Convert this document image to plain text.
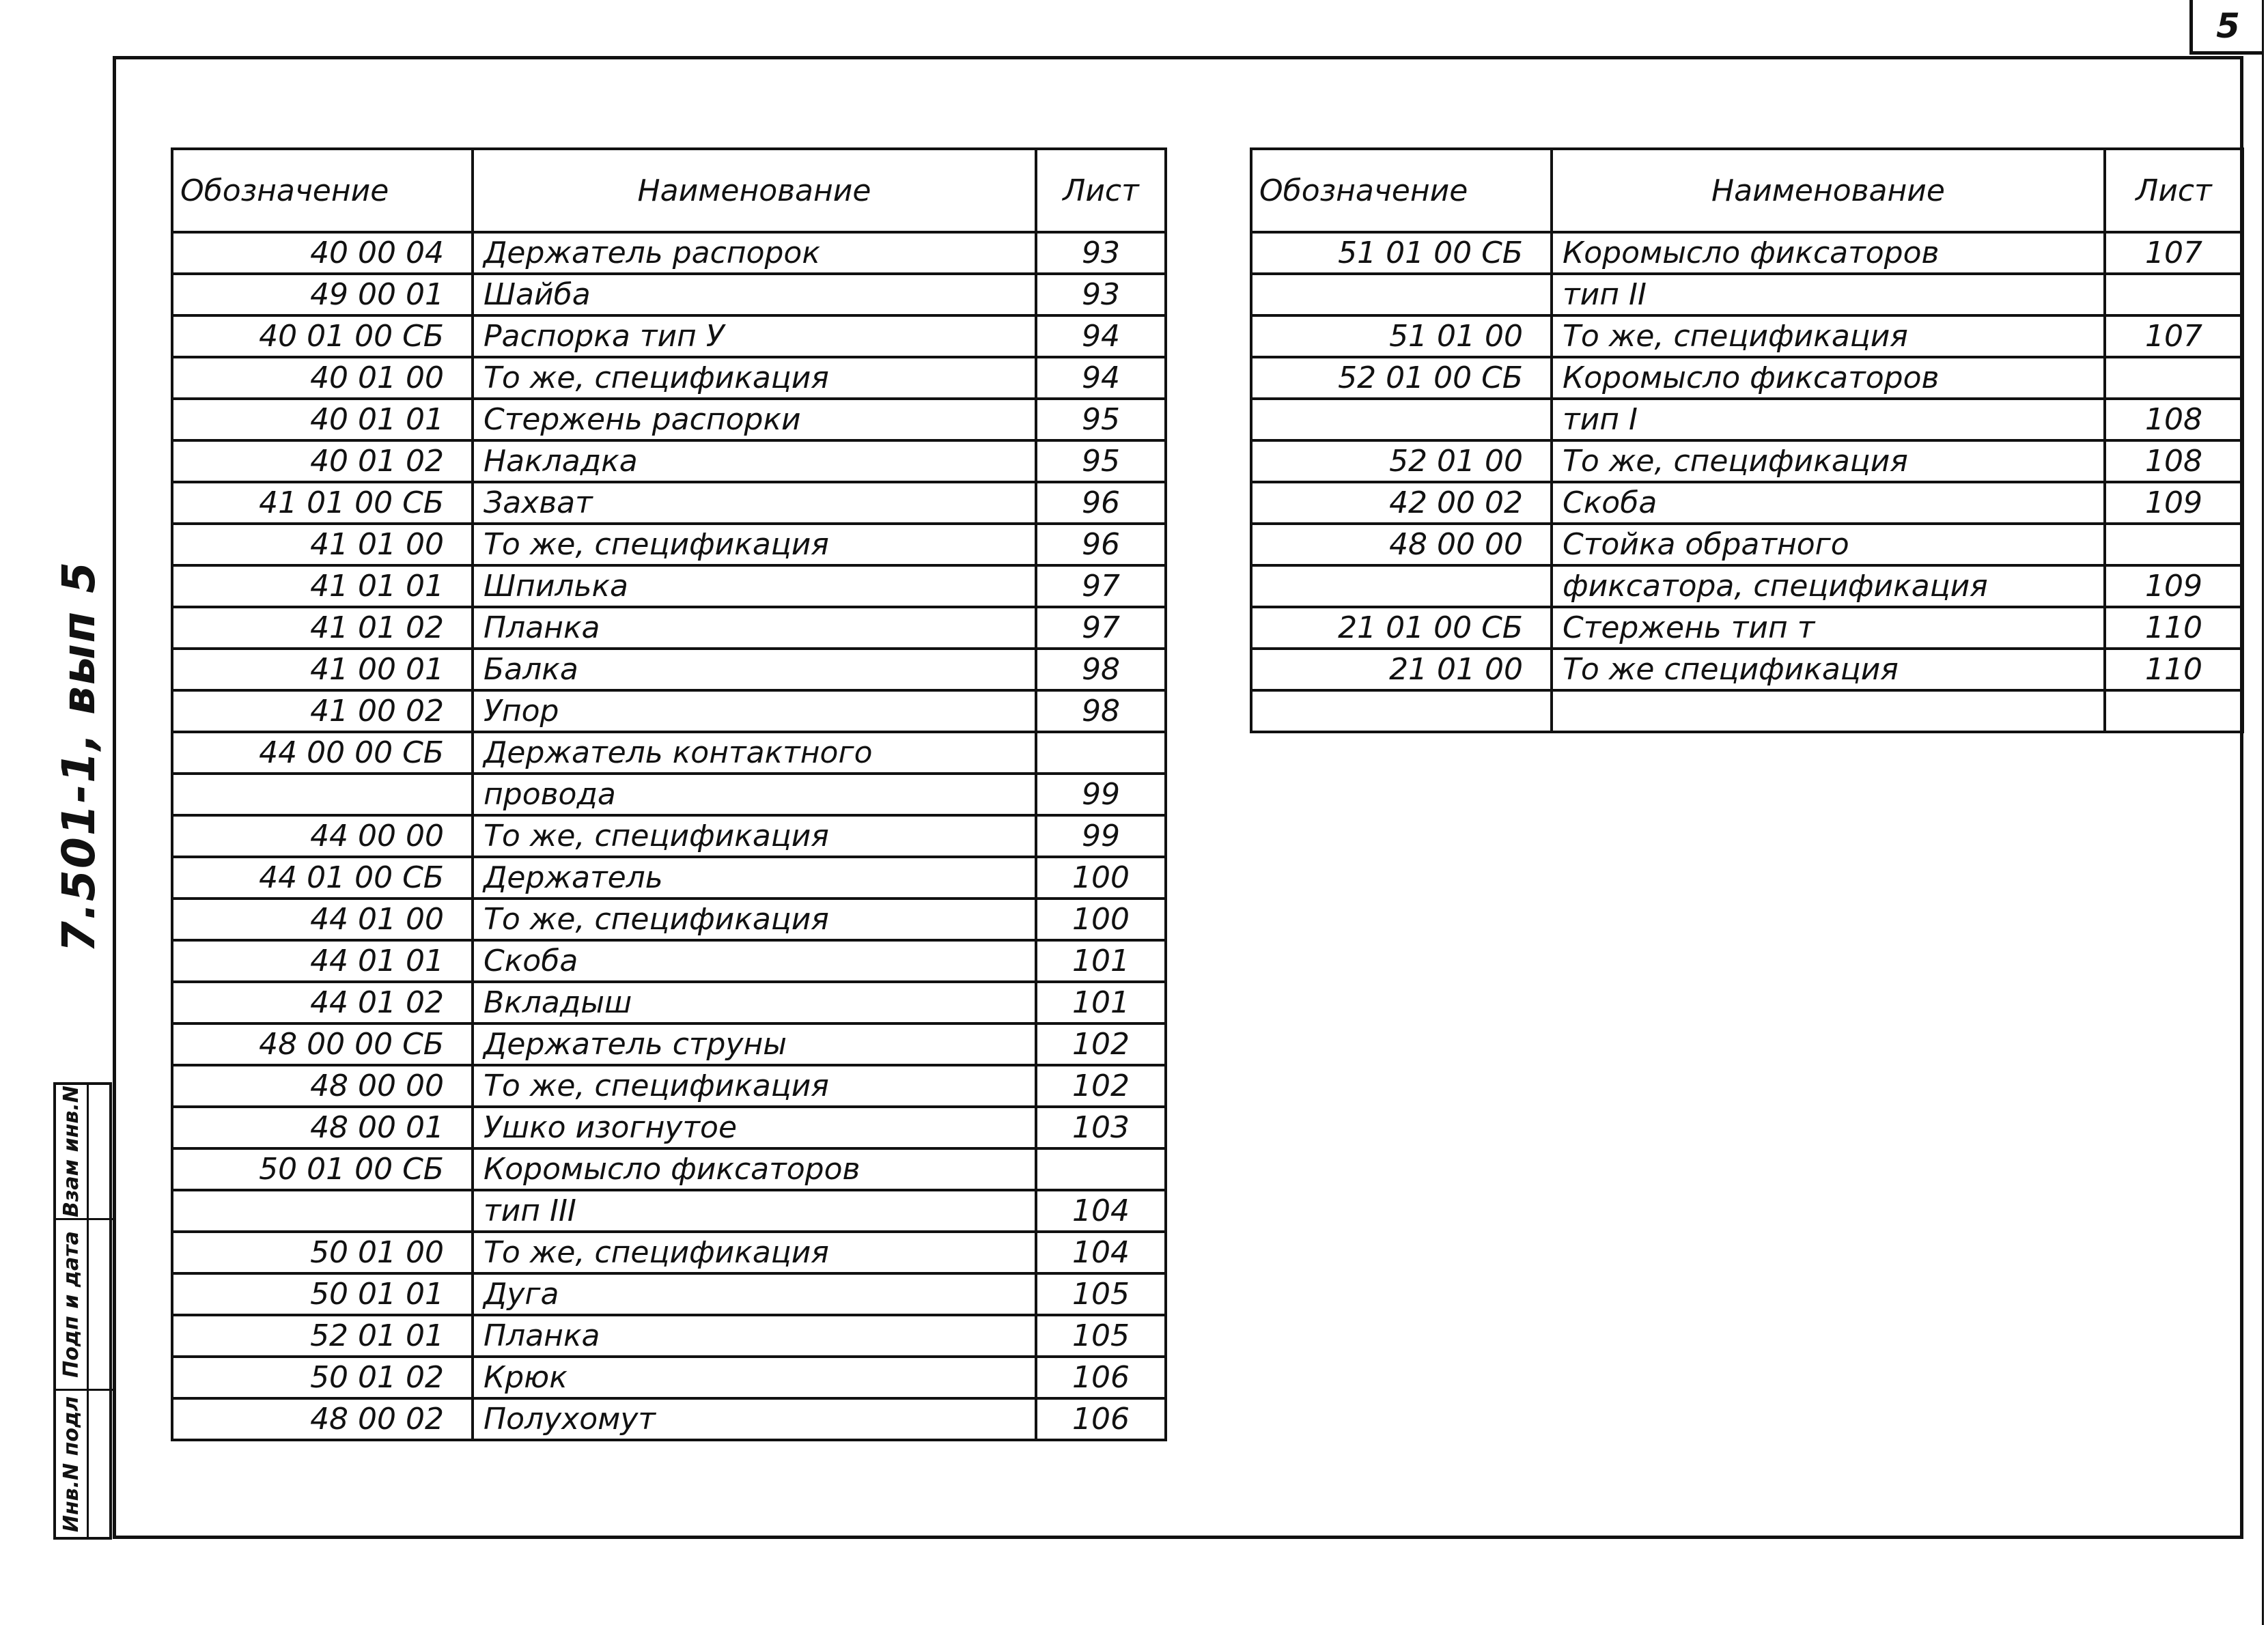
5
7.501-1, вып 5
Взам инв.N
Подп и дата
Инв.N подл
Обозначение	Наименование	Лист
40 00 04	Держатель распорок	93
49 00 01	Шайба	93
40 01 00 СБ	Распорка тип У	94
40 01 00	То же, спецификация	94
40 01 01	Стержень распорки	95
40 01 02	Накладка	95
41 01 00 СБ	Захват	96
41 01 00	То же, спецификация	96
41 01 01	Шпилька	97
41 01 02	Планка	97
41 00 01	Балка	98
41 00 02	Упор	98
44 00 00 СБ	Держатель контактного	
	провода	99
44 00 00	То же, спецификация	99
44 01 00 СБ	Держатель	100
44 01 00	То же, спецификация	100
44 01 01	Скоба	101
44 01 02	Вкладыш	101
48 00 00 СБ	Держатель струны	102
48 00 00	То же, спецификация	102
48 00 01	Ушко изогнутое	103
50 01 00 СБ	Коромысло фиксаторов	
	тип III	104
50 01 00	То же, спецификация	104
50 01 01	Дуга	105
52 01 01	Планка	105
50 01 02	Крюк	106
48 00 02	Полухомут	106
Обозначение	Наименование	Лист
51 01 00 СБ	Коромысло фиксаторов	107
	тип II	
51 01 00	То же, спецификация	107
52 01 00 СБ	Коромысло фиксаторов	
	тип I	108
52 01 00	То же, спецификация	108
42 00 02	Скоба	109
48 00 00	Стойка обратного	
	фиксатора, спецификация	109
21 01 00 СБ	Стержень тип т	110
21 01 00	То же спецификация	110
